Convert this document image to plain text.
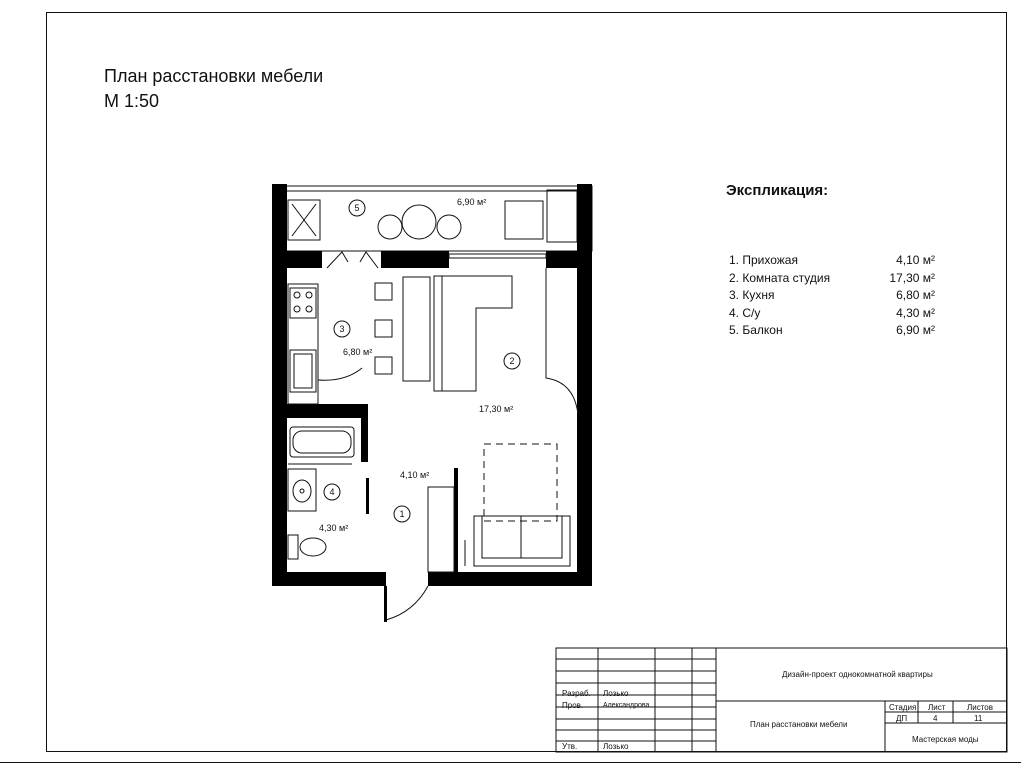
План расстановки мебели
М 1:50
Экспликация:
1. Прихожая	4,10 м²
2. Комната студия	17,30 м²
3. Кухня	6,80 м²
4. С/у	4,30 м²
5. Балкон	6,90 м²
1
2
3
4
5
6,90 м²
6,80 м²
17,30 м²
4,10 м²
4,30 м²
Разраб. Лозько
Пров.	Александрова
Утв.	Лозько
Дизайн-проект однокомнатной квартиры
План расстановки мебели
Стадия Лист	Листов
ДП	4	11
Мастерская моды
